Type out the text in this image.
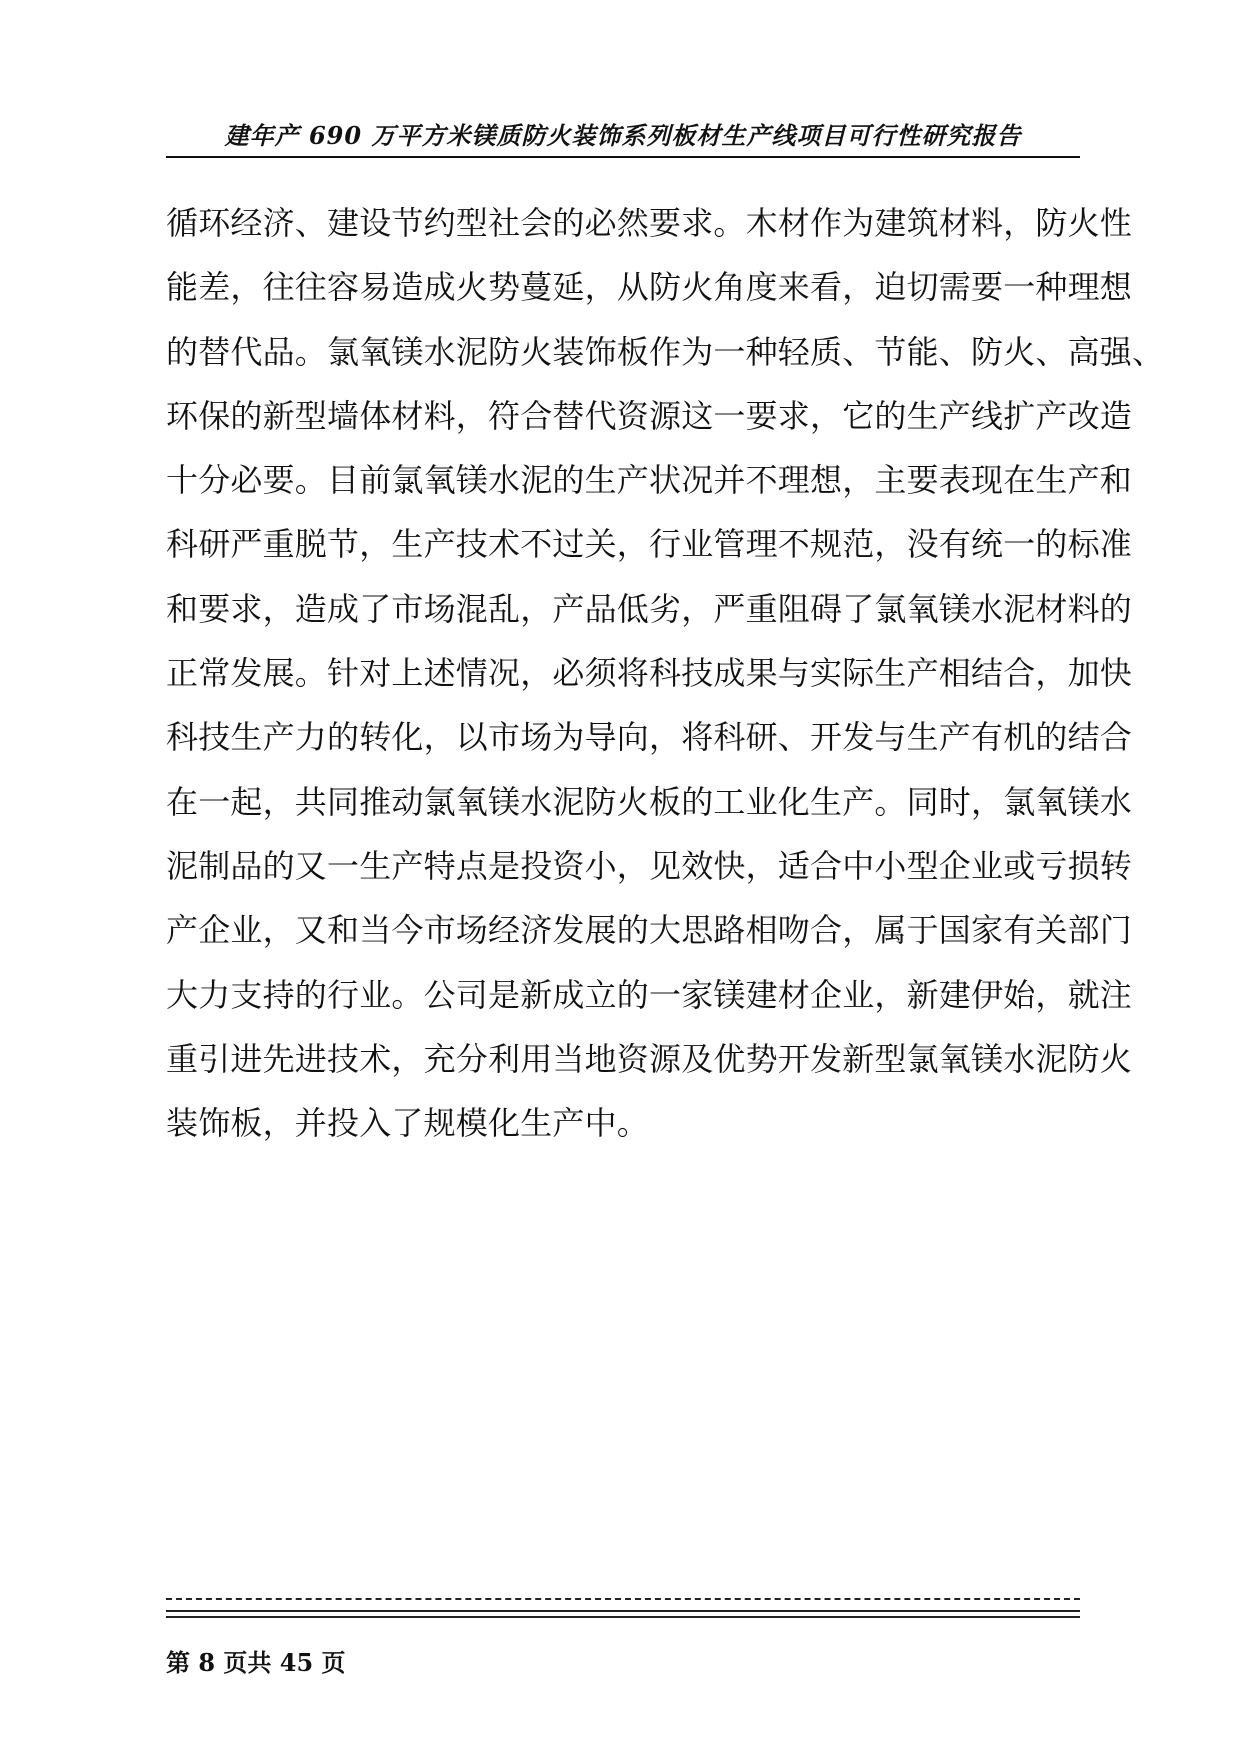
建年产 690 万平方米镁质防火装饰系列板材生产线项目可行性研究报告
循环经济、建设节约型社会的必然要求。木材作为建筑材料，防火性
能差，往往容易造成火势蔓延，从防火角度来看，迫切需要一种理想
的替代品。氯氧镁水泥防火装饰板作为一种轻质、节能、防火、高强、
环保的新型墙体材料，符合替代资源这一要求，它的生产线扩产改造
十分必要。目前氯氧镁水泥的生产状况并不理想，主要表现在生产和
科研严重脱节，生产技术不过关，行业管理不规范，没有统一的标准
和要求，造成了市场混乱，产品低劣，严重阻碍了氯氧镁水泥材料的
正常发展。针对上述情况，必须将科技成果与实际生产相结合，加快
科技生产力的转化，以市场为导向，将科研、开发与生产有机的结合
在一起，共同推动氯氧镁水泥防火板的工业化生产。同时，氯氧镁水
泥制品的又一生产特点是投资小，见效快，适合中小型企业或亏损转
产企业，又和当今市场经济发展的大思路相吻合，属于国家有关部门
大力支持的行业。公司是新成立的一家镁建材企业，新建伊始，就注
重引进先进技术，充分利用当地资源及优势开发新型氯氧镁水泥防火
装饰板，并投入了规模化生产中。
第 8 页共 45 页
